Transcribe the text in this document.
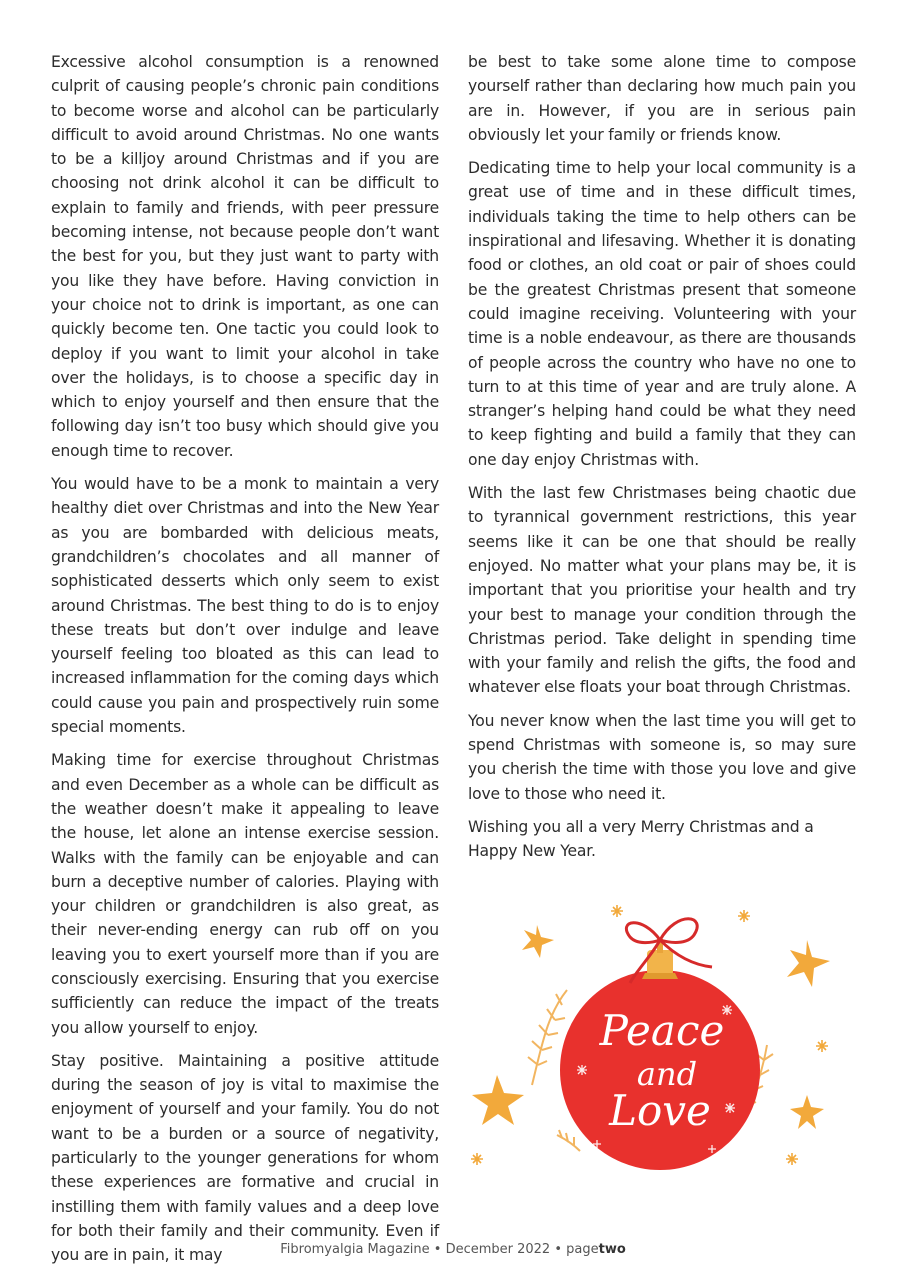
Excessive alcohol consumption is a renowned culprit of causing people’s chronic pain conditions to become worse and alcohol can be particularly difficult to avoid around Christmas. No one wants to be a killjoy around Christmas and if you are choosing not drink alcohol it can be difficult to explain to family and friends, with peer pressure becoming intense, not because people don’t want the best for you, but they just want to party with you like they have before. Having conviction in your choice not to drink is important, as one can quickly become ten. One tactic you could look to deploy if you want to limit your alcohol in take over the holidays, is to choose a specific day in which to enjoy yourself and then ensure that the following day isn’t too busy which should give you enough time to recover.

You would have to be a monk to maintain a very healthy diet over Christmas and into the New Year as you are bombarded with delicious meats, grandchildren’s chocolates and all manner of sophisticated desserts which only seem to exist around Christmas. The best thing to do is to enjoy these treats but don’t over indulge and leave yourself feeling too bloated as this can lead to increased inflammation for the coming days which could cause you pain and prospectively ruin some special moments.

Making time for exercise throughout Christmas and even December as a whole can be difficult as the weather doesn’t make it appealing to leave the house, let alone an intense exercise session. Walks with the family can be enjoyable and can burn a deceptive number of calories. Playing with your children or grandchildren is also great, as their never-ending energy can rub off on you leaving you to exert yourself more than if you are consciously exercising. Ensuring that you exercise sufficiently can reduce the impact of the treats you allow yourself to enjoy.

Stay positive. Maintaining a positive attitude during the season of joy is vital to maximise the enjoyment of yourself and your family. You do not want to be a burden or a source of negativity, particularly to the younger generations for whom these experiences are formative and crucial in instilling them with family values and a deep love for both their family and their community. Even if you are in pain, it may

be best to take some alone time to compose yourself rather than declaring how much pain you are in. However, if you are in serious pain obviously let your family or friends know.

Dedicating time to help your local community is a great use of time and in these difficult times, individuals taking the time to help others can be inspirational and lifesaving. Whether it is donating food or clothes, an old coat or pair of shoes could be the greatest Christmas present that someone could imagine receiving. Volunteering with your time is a noble endeavour, as there are thousands of people across the country who have no one to turn to at this time of year and are truly alone. A stranger’s helping hand could be what they need to keep fighting and build a family that they can one day enjoy Christmas with.

With the last few Christmases being chaotic due to tyrannical government restrictions, this year seems like it can be one that should be really enjoyed. No matter what your plans may be, it is important that you prioritise your health and try your best to manage your condition through the Christmas period. Take delight in spending time with your family and relish the gifts, the food and whatever else floats your boat through Christmas.

You never know when the last time you will get to spend Christmas with someone is, so may sure you cherish the time with those you love and give love to those who need it.

Wishing you all a very Merry Christmas and a Happy New Year.

Peace
and
Love
Fibromyalgia Magazine • December 2022 • pagetwo
